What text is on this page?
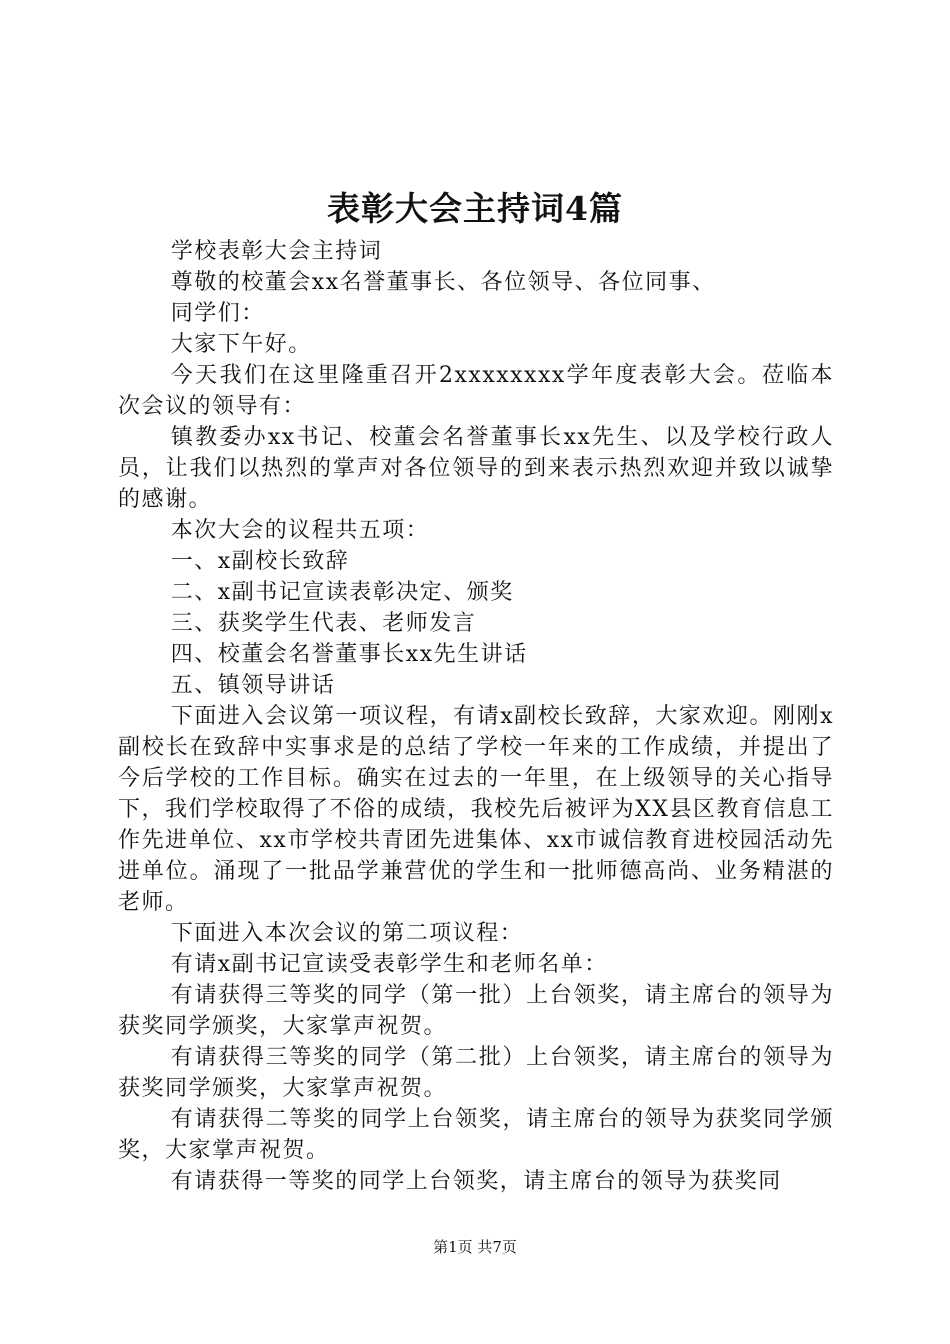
表彰大会主持词4篇

学校表彰大会主持词

尊敬的校董会xx名誉董事长、各位领导、各位同事、

同学们：

大家下午好。

今天我们在这里隆重召开2xxxxxxxx学年度表彰大会。莅临本次会议的领导有：

镇教委办xx书记、校董会名誉董事长xx先生、以及学校行政人员，让我们以热烈的掌声对各位领导的到来表示热烈欢迎并致以诚挚的感谢。

本次大会的议程共五项：

一、x副校长致辞

二、x副书记宣读表彰决定、颁奖

三、获奖学生代表、老师发言

四、校董会名誉董事长xx先生讲话

五、镇领导讲话

下面进入会议第一项议程，有请x副校长致辞，大家欢迎。刚刚x副校长在致辞中实事求是的总结了学校一年来的工作成绩，并提出了今后学校的工作目标。确实在过去的一年里，在上级领导的关心指导下，我们学校取得了不俗的成绩，我校先后被评为XX县区教育信息工作先进单位、xx市学校共青团先进集体、xx市诚信教育进校园活动先进单位。涌现了一批品学兼营优的学生和一批师德高尚、业务精湛的老师。

下面进入本次会议的第二项议程：

有请x副书记宣读受表彰学生和老师名单：

有请获得三等奖的同学（第一批）上台领奖，请主席台的领导为获奖同学颁奖，大家掌声祝贺。

有请获得三等奖的同学（第二批）上台领奖，请主席台的领导为获奖同学颁奖，大家掌声祝贺。

有请获得二等奖的同学上台领奖，请主席台的领导为获奖同学颁奖，大家掌声祝贺。

有请获得一等奖的同学上台领奖，请主席台的领导为获奖同

第1页 共7页
